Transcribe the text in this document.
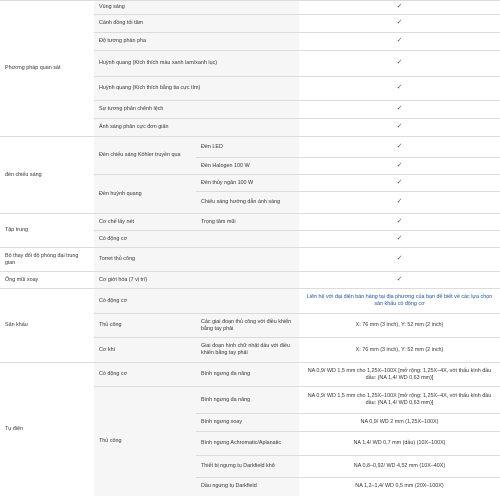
Phương pháp quan sát	Vùng sáng		✓
	Cánh đồng tối tăm		✓
	Độ tương phản pha		✓
	Huỳnh quang (Kích thích màu xanh lam/xanh lục)		✓
	Huỳnh quang (Kích thích bằng tia cực tím)		✓
	Sự tương phản chênh lệch		✓
	Ánh sáng phân cực đơn giản		✓
đèn chiếu sáng	Đèn chiếu sáng Köhler truyền qua	Đèn LED	✓
		Đèn Halogen 100 W	✓
	Đèn huỳnh quang	Đèn thủy ngân 100 W	✓
		Chiếu sáng hướng dẫn ánh sáng	✓
Tập trung	Cơ chế lấy nét	Trọng tâm mũi	✓
	Có động cơ		✓
Bộ thay đổi độ phóng đại trung gian	Torret thủ công		✓
Ống mũi xoay	Cơ giới hóa (7 vị trí)		✓
Sân khấu	Có động cơ		Liên hệ với đại diện bán hàng tại địa phương của bạn để biết về các lựa chọn sân khấu có động cơ
	Thủ công	Các giai đoạn thủ công với điều khiển bằng tay phải	X: 76 mm (3 inch), Y: 52 mm (2 inch)
	Cơ khí	Giai đoạn hình chữ nhật dầu với điều khiển bằng tay phải	X: 76 mm (3 inch), Y: 52 mm (2 inch)
Tụ điện	Có động cơ	Bình ngưng đa năng	NA 0,9/ WD 1,5 mm cho 1,25X–100X [mở rộng: 1,25X–4X, với thấu kính đầu dầu: (NA 1,4/ WD 0,63 mm)]
	Thủ công	Bình ngưng đa năng	NA 0,9/ WD 1,5 mm cho 1,25X–100X [mở rộng: 1,25X–4X, với thấu kính đầu dầu: (NA 1,4/ WD 0,63 mm)]
		Bình ngưng xoay	NA 0,9/ WD 2 mm (1,25X–100X)
		Bình ngưng Achromatic/Aplanatic	NA 1,4/ WD 0,7 mm (dầu) (10X–100X)
		Thiết bị ngưng tụ Darkfield khô	NA 0,8–0,92/ WD 4,52 mm (10X–40X)
		Dầu ngưng tụ Darkfield	NA 1,2–1,4/ WD 0,5 mm (20X–100X)
